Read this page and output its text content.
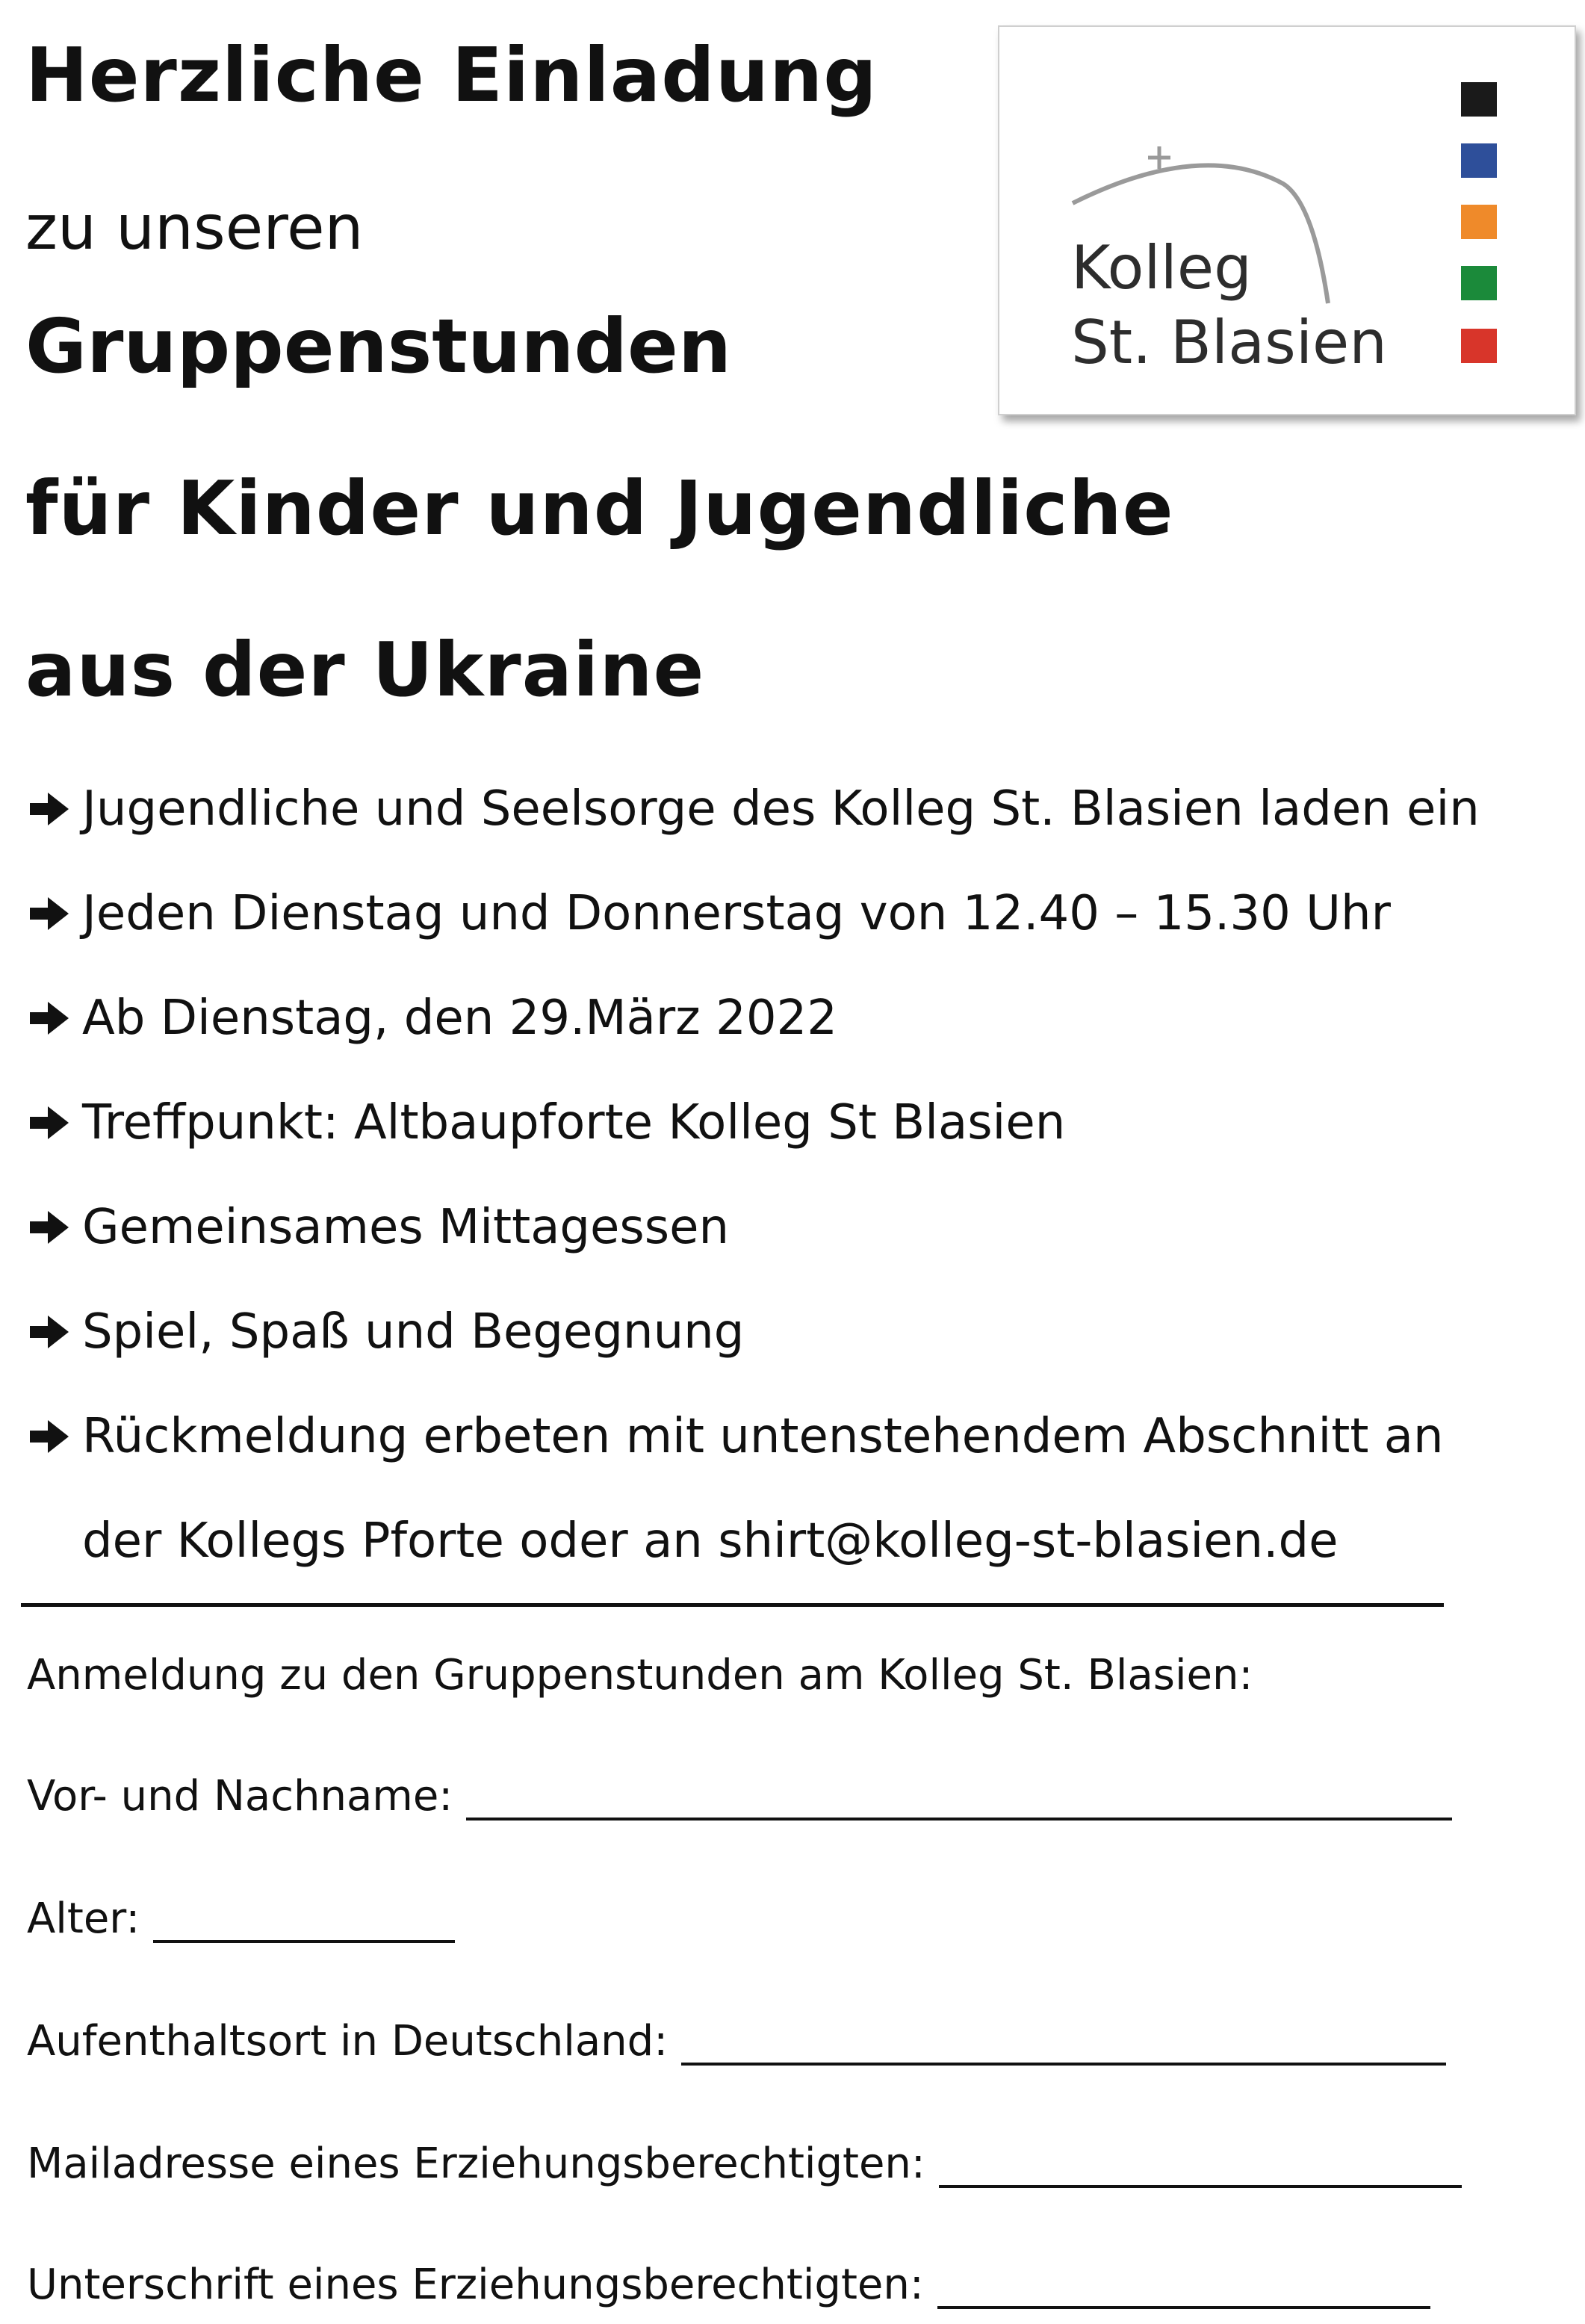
Herzliche Einladung
zu unseren
Gruppenstunden
für Kinder und Jugendliche
aus der Ukraine
Kolleg
St. Blasien
Jugendliche und Seelsorge des Kolleg St. Blasien laden ein
Jeden Dienstag und Donnerstag von 12.40 – 15.30 Uhr
Ab Dienstag, den 29.März 2022
Treffpunkt: Altbaupforte Kolleg St Blasien
Gemeinsames Mittagessen
Spiel, Spaß und Begegnung
Rückmeldung erbeten mit untenstehendem Abschnitt an
der Kollegs Pforte oder an shirt@kolleg-st-blasien.de
Anmeldung zu den Gruppenstunden am Kolleg St. Blasien:
Vor- und Nachname:
Alter:
Aufenthaltsort in Deutschland:
Mailadresse eines Erziehungsberechtigten:
Unterschrift eines Erziehungsberechtigten:
